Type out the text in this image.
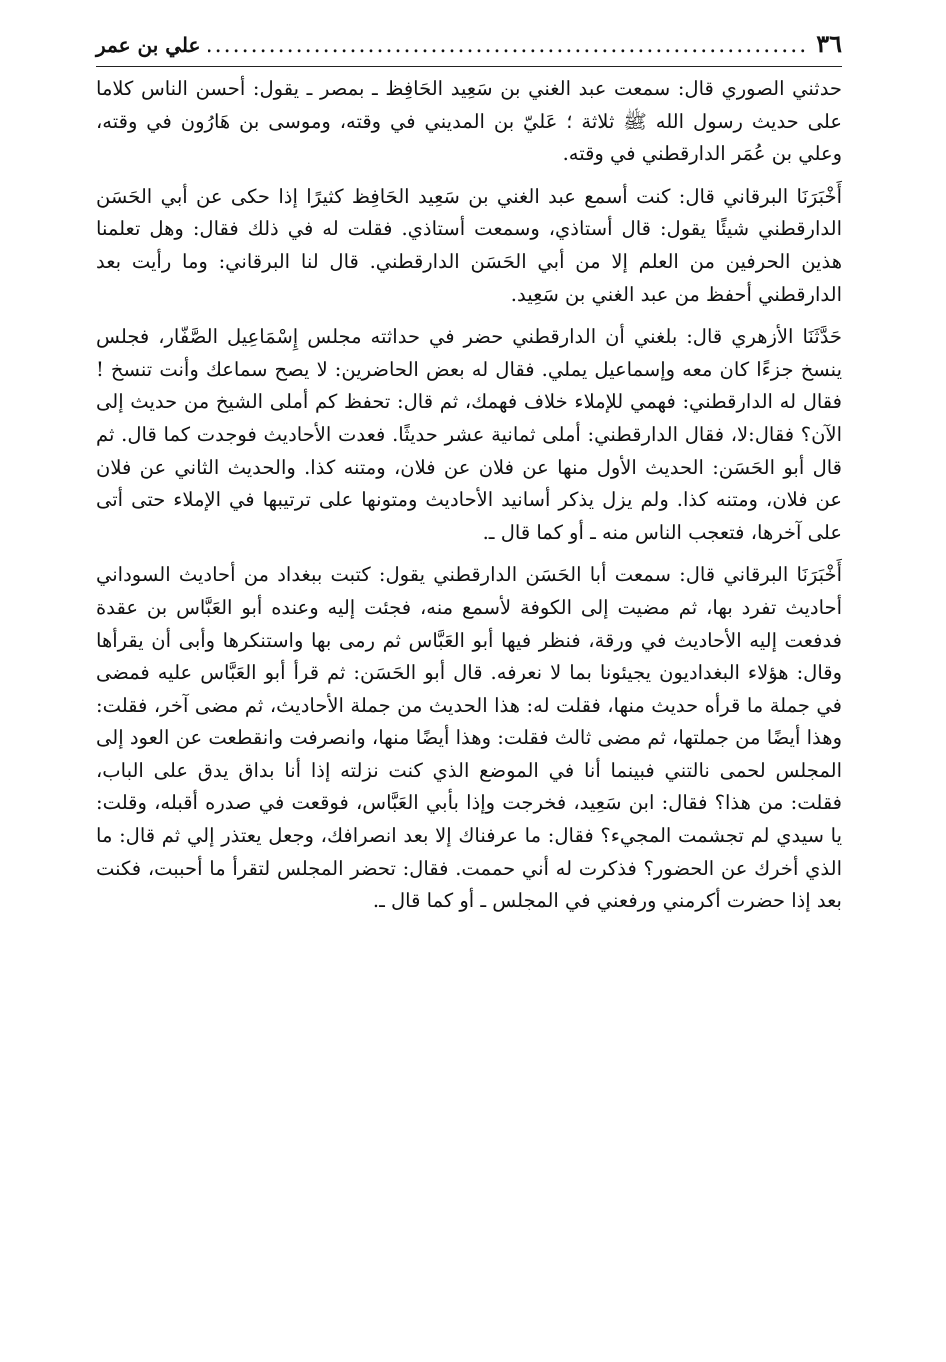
٣٦
.....
علي بن عمر

حدثني الصوري قال: سمعت عبد الغني بن سَعِيد الحَافِظ ـ بمصر ـ يقول: أحسن الناس كلاما على حديث رسول الله ﷺ ثلاثة ؛ عَليّ بن المديني في وقته، وموسى بن هَارُون في وقته، وعلي بن عُمَر الدارقطني في وقته.

أَخْبَرَنَا البرقاني قال: كنت أسمع عبد الغني بن سَعِيد الحَافِظ كثيرًا إذا حكى عن أبي الحَسَن الدارقطني شيئًا يقول: قال أستاذي، وسمعت أستاذي. فقلت له في ذلك فقال: وهل تعلمنا هذين الحرفين من العلم إلا من أبي الحَسَن الدارقطني. قال لنا البرقاني: وما رأيت بعد الدارقطني أحفظ من عبد الغني بن سَعِيد.

حَدَّثَنَا الأزهري قال: بلغني أن الدارقطني حضر في حداثته مجلس إِسْمَاعِيل الصَّفّار، فجلس ينسخ جزءًا كان معه وإسماعيل يملي. فقال له بعض الحاضرين: لا يصح سماعك وأنت تنسخ ! فقال له الدارقطني: فهمي للإملاء خلاف فهمك، ثم قال: تحفظ كم أملى الشيخ من حديث إلى الآن؟ فقال:لا، فقال الدارقطني: أملى ثمانية عشر حديثًا. فعدت الأحاديث فوجدت كما قال. ثم قال أبو الحَسَن: الحديث الأول منها عن فلان عن فلان، ومتنه كذا. والحديث الثاني عن فلان عن فلان، ومتنه كذا. ولم يزل يذكر أسانيد الأحاديث ومتونها على ترتيبها في الإملاء حتى أتى على آخرها، فتعجب الناس منه ـ أو كما قال ـ.

أَخْبَرَنَا البرقاني قال: سمعت أبا الحَسَن الدارقطني يقول: كتبت ببغداد من أحاديث السوداني أحاديث تفرد بها، ثم مضيت إلى الكوفة لأسمع منه، فجئت إليه وعنده أبو العَبَّاس بن عقدة فدفعت إليه الأحاديث في ورقة، فنظر فيها أبو العَبَّاس ثم رمى بها واستنكرها وأبى أن يقرأها وقال: هؤلاء البغداديون يجيئونا بما لا نعرفه. قال أبو الحَسَن: ثم قرأ أبو العَبَّاس عليه فمضى في جملة ما قرأه حديث منها، فقلت له: هذا الحديث من جملة الأحاديث، ثم مضى آخر، فقلت: وهذا أيضًا من جملتها، ثم مضى ثالث فقلت: وهذا أيضًا منها، وانصرفت وانقطعت عن العود إلى المجلس لحمى نالتني فبينما أنا في الموضع الذي كنت نزلته إذا أنا بداق يدق على الباب، فقلت: من هذا؟ فقال: ابن سَعِيد، فخرجت وإذا بأبي العَبَّاس، فوقعت في صدره أقبله، وقلت: يا سيدي لم تجشمت المجيء؟ فقال: ما عرفناك إلا بعد انصرافك، وجعل يعتذر إلي ثم قال: ما الذي أخرك عن الحضور؟ فذكرت له أني حممت. فقال: تحضر المجلس لتقرأ ما أحببت، فكنت بعد إذا حضرت أكرمني ورفعني في المجلس ـ أو كما قال ـ.
